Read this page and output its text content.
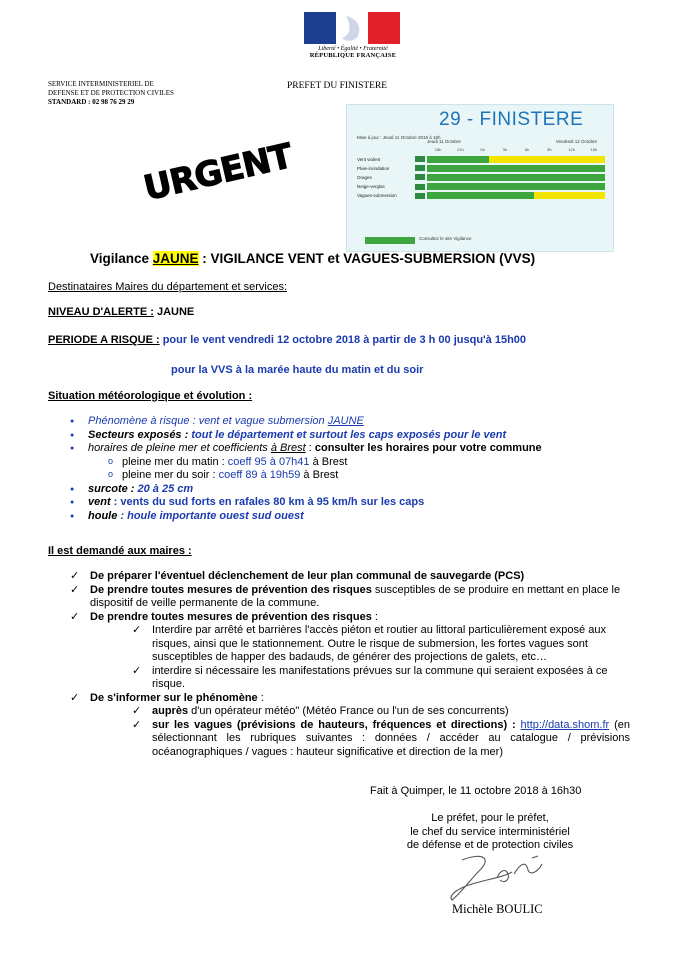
Liberté • Égalité • Fraternité
RÉPUBLIQUE FRANÇAISE
SERVICE INTERMINISTERIEL DE
DEFENSE ET DE PROTECTION CIVILES
STANDARD : 02 98 76 29 29
PREFET DU FINISTERE
29 - FINISTERE
Mise à jour : Jeudi 11 Octobre 2018 à 16h
Jeudi 11 Octobre	Vendredi 12 Octobre
18h	21h	0h	3h	6h	9h	12h	15h
Vent violent
Pluie-inondation
Orages
Neige-verglas
Vagues-submersion
Consultez le site Vigilance
URGENT
Vigilance JAUNE : VIGILANCE VENT et VAGUES-SUBMERSION (VVS)
Destinataires Maires du département et services:
NIVEAU D'ALERTE : JAUNE
PERIODE A RISQUE : pour le vent vendredi 12 octobre 2018 à partir de 3 h 00 jusqu'à 15h00
pour la VVS à la marée haute du matin et du soir
Situation météorologique et évolution :
● Phénomène à risque : vent et vague submersion JAUNE
● Secteurs exposés : tout le département et surtout les caps exposés pour le vent
● horaires de pleine mer et coefficients à Brest : consulter les horaires pour votre commune
o pleine mer du matin : coeff 95 à 07h41 à Brest
o pleine mer du soir : coeff 89 à 19h59 à Brest
● surcote : 20 à 25 cm
● vent : vents du sud forts en rafales 80 km à 95 km/h sur les caps
● houle : houle importante ouest sud ouest
Il est demandé aux maires :
✓ De préparer l'éventuel déclenchement de leur plan communal de sauvegarde (PCS)
✓ De prendre toutes mesures de prévention des risques susceptibles de se produire en mettant en place le dispositif de veille permanente de la commune.
✓ De prendre toutes mesures de prévention des risques :
✓ Interdire par arrêté et barrières l'accès piéton et routier au littoral particulièrement exposé aux risques, ainsi que le stationnement. Outre le risque de submersion, les fortes vagues sont susceptibles de happer des badauds, de générer des projections de galets, etc…
✓ interdire si nécessaire les manifestations prévues sur la commune qui seraient exposées à ce risque.
✓ De s'informer sur le phénomène :
✓ auprès d'un opérateur météo" (Météo France ou l'un de ses concurrents)
✓ sur les vagues (prévisions de hauteurs, fréquences et directions) : http://data.shom.fr (en sélectionnant les rubriques suivantes : données / accéder au catalogue / prévisions océanographiques / vagues : hauteur significative et direction de la mer)
Fait à Quimper, le 11 octobre 2018 à 16h30
Le préfet, pour le préfet,
le chef du service interministériel
de défense et de protection civiles
Michèle BOULIC
